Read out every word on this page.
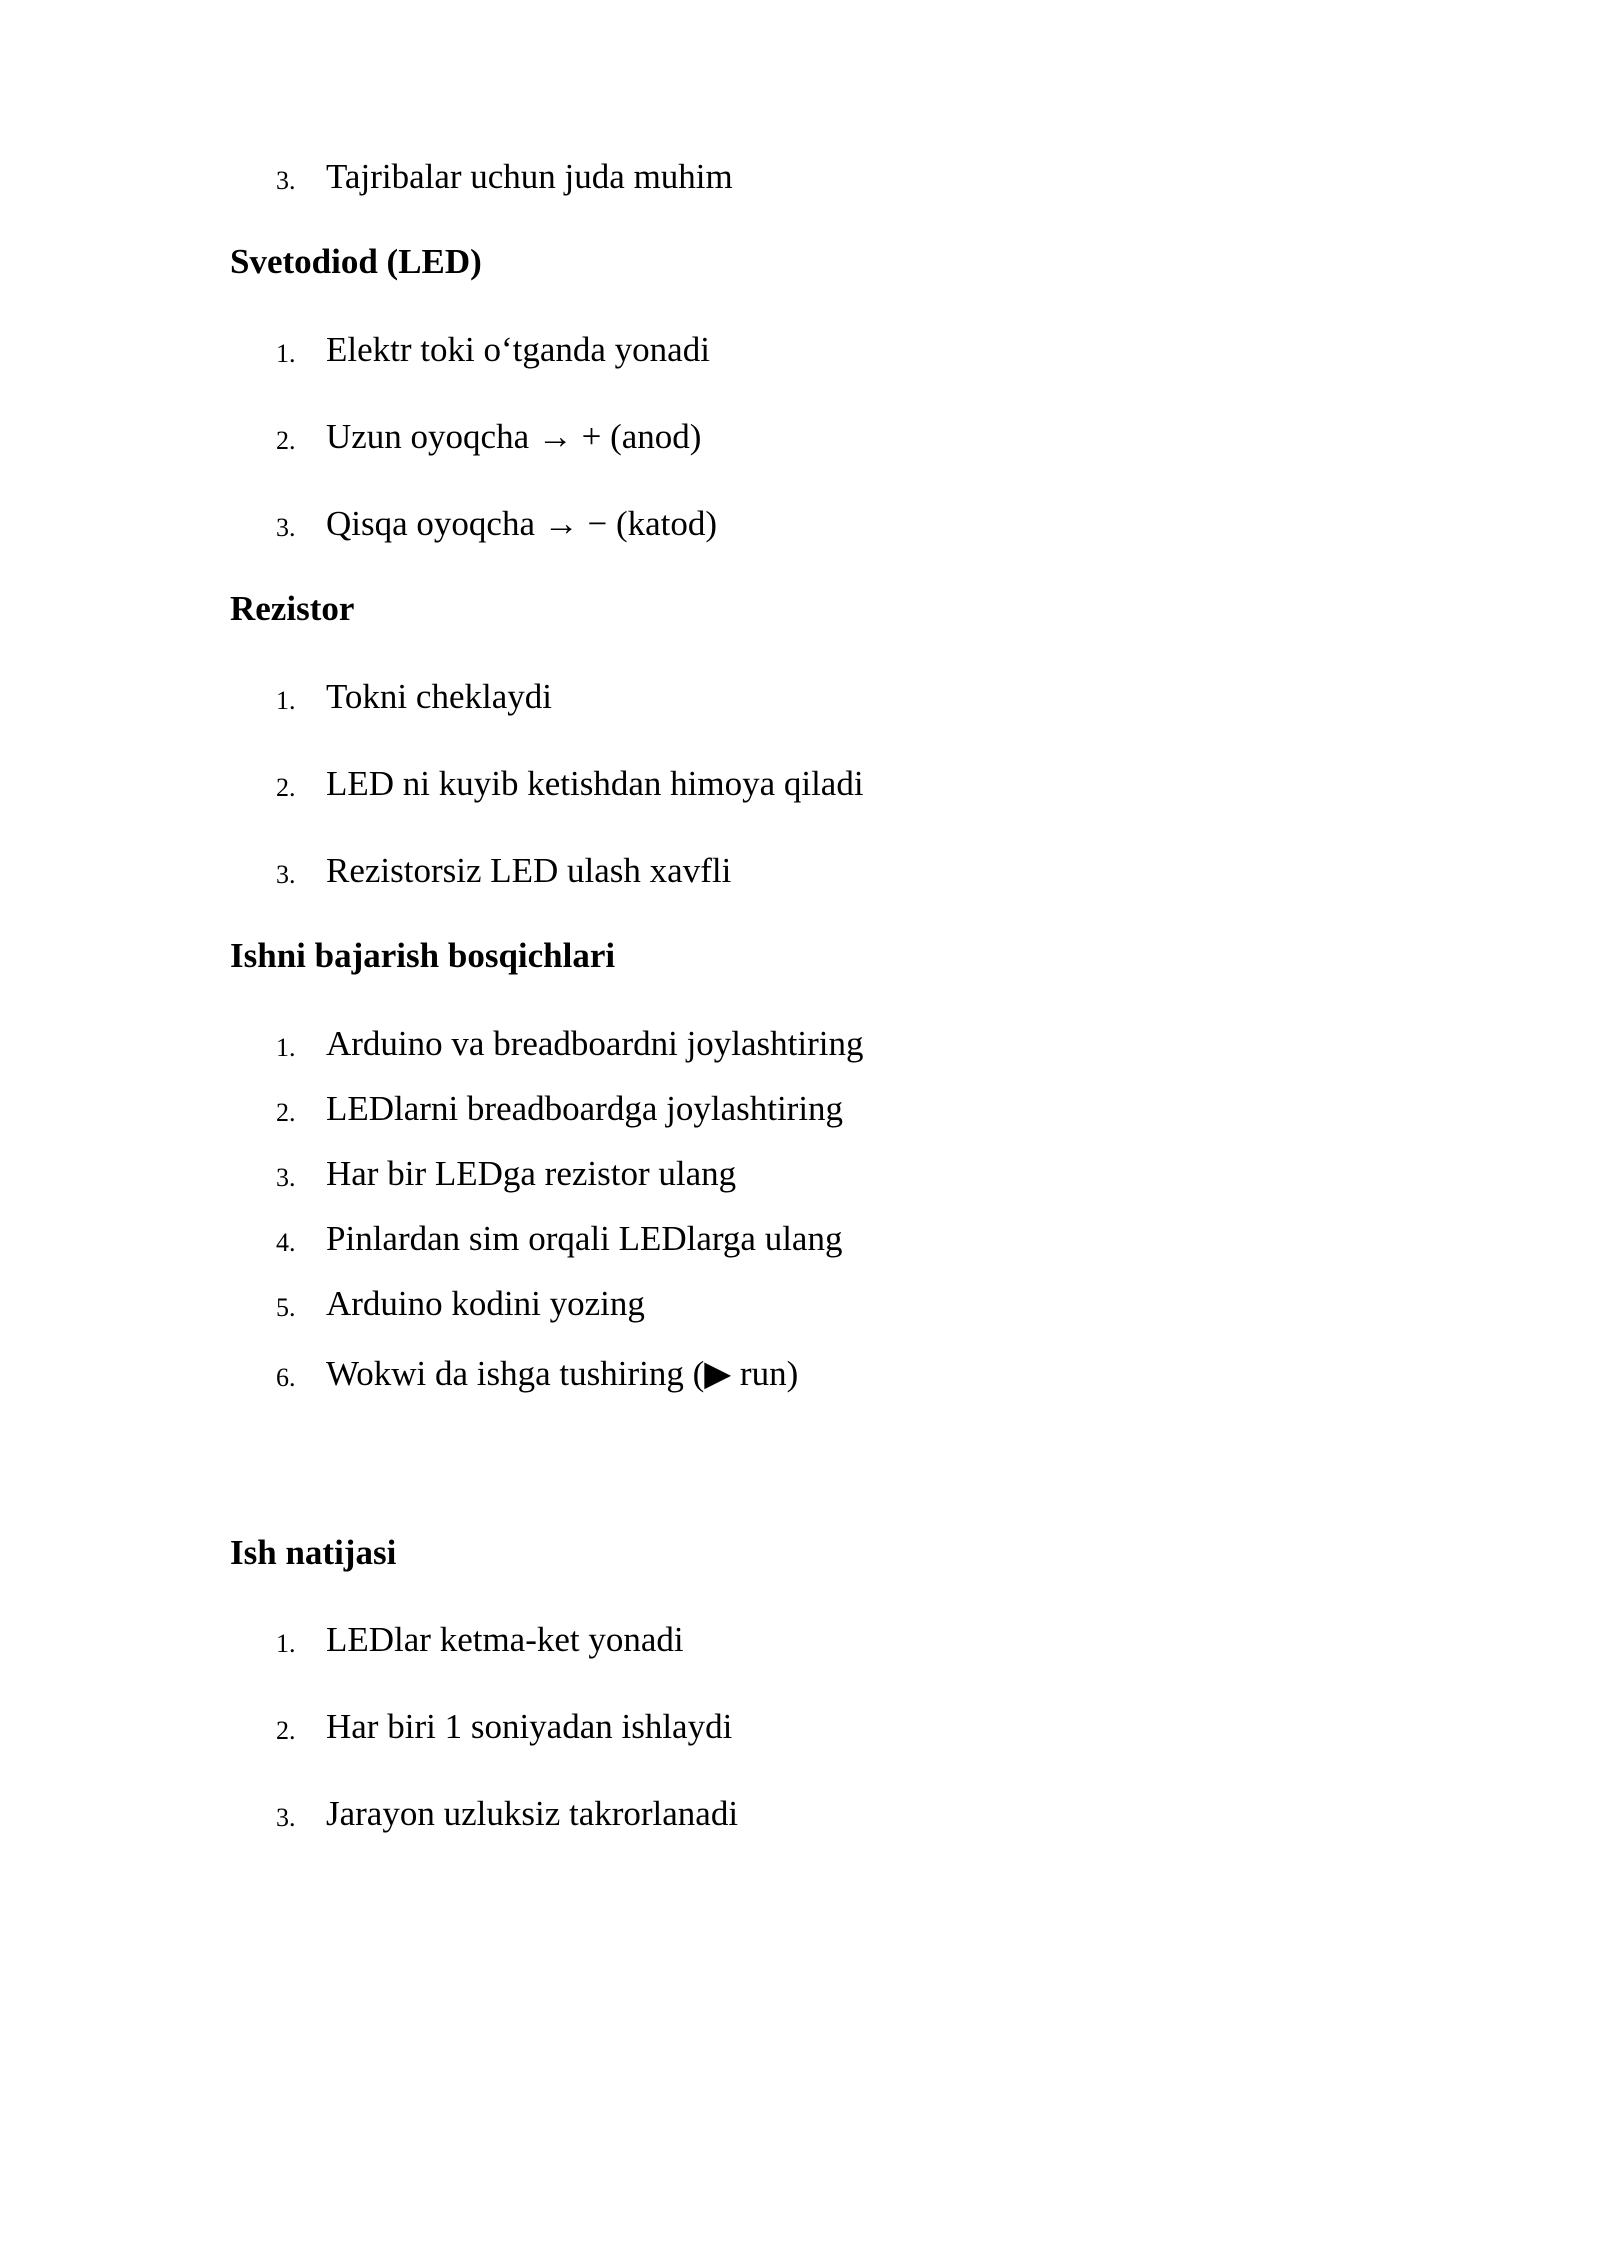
3. Tajribalar uchun juda muhim
Svetodiod (LED)
1. Elektr toki o‘tganda yonadi
2. Uzun oyoqcha → + (anod)
3. Qisqa oyoqcha → − (katod)
Rezistor
1. Tokni cheklaydi
2. LED ni kuyib ketishdan himoya qiladi
3. Rezistorsiz LED ulash xavfli
Ishni bajarish bosqichlari
1. Arduino va breadboardni joylashtiring
2. LEDlarni breadboardga joylashtiring
3. Har bir LEDga rezistor ulang
4. Pinlardan sim orqali LEDlarga ulang
5. Arduino kodini yozing
6. Wokwi da ishga tushiring (▶ run)
Ish natijasi
1. LEDlar ketma-ket yonadi
2. Har biri 1 soniyadan ishlaydi
3. Jarayon uzluksiz takrorlanadi
